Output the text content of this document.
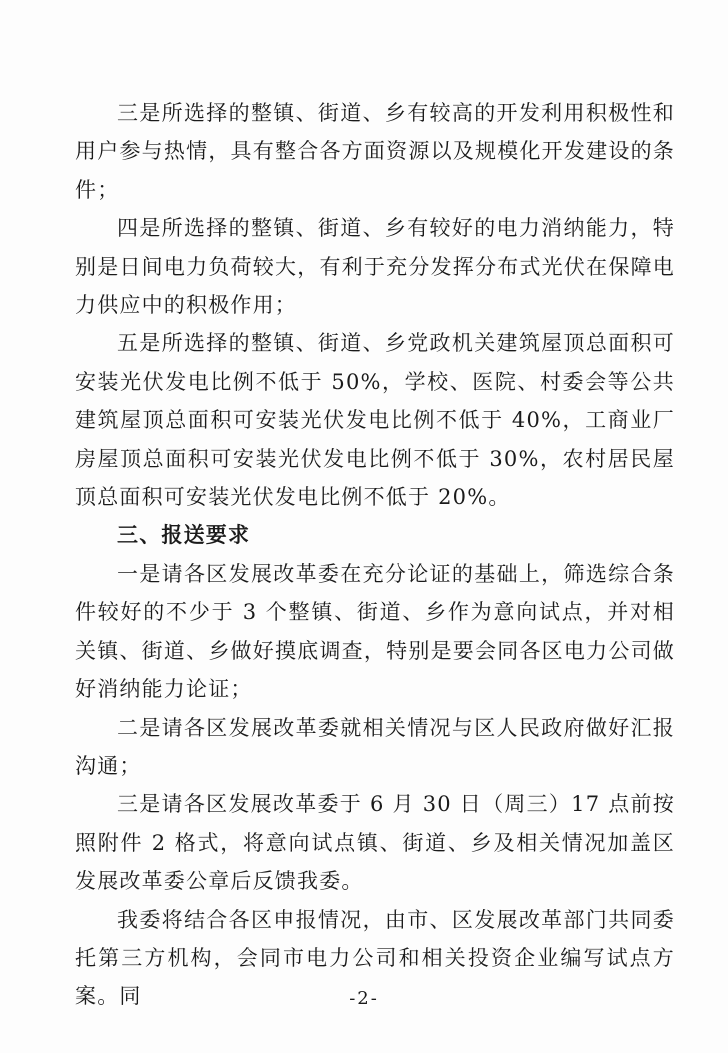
三是所选择的整镇、街道、乡有较高的开发利用积极性和用户参与热情，具有整合各方面资源以及规模化开发建设的条件；

四是所选择的整镇、街道、乡有较好的电力消纳能力，特别是日间电力负荷较大，有利于充分发挥分布式光伏在保障电力供应中的积极作用；

五是所选择的整镇、街道、乡党政机关建筑屋顶总面积可安装光伏发电比例不低于 50%，学校、医院、村委会等公共建筑屋顶总面积可安装光伏发电比例不低于 40%，工商业厂房屋顶总面积可安装光伏发电比例不低于 30%，农村居民屋顶总面积可安装光伏发电比例不低于 20%。

三、报送要求

一是请各区发展改革委在充分论证的基础上，筛选综合条件较好的不少于 3 个整镇、街道、乡作为意向试点，并对相关镇、街道、乡做好摸底调查，特别是要会同各区电力公司做好消纳能力论证；

二是请各区发展改革委就相关情况与区人民政府做好汇报沟通；

三是请各区发展改革委于 6 月 30 日（周三）17 点前按照附件 2 格式，将意向试点镇、街道、乡及相关情况加盖区发展改革委公章后反馈我委。

我委将结合各区申报情况，由市、区发展改革部门共同委托第三方机构，会同市电力公司和相关投资企业编写试点方案。同	-2-
